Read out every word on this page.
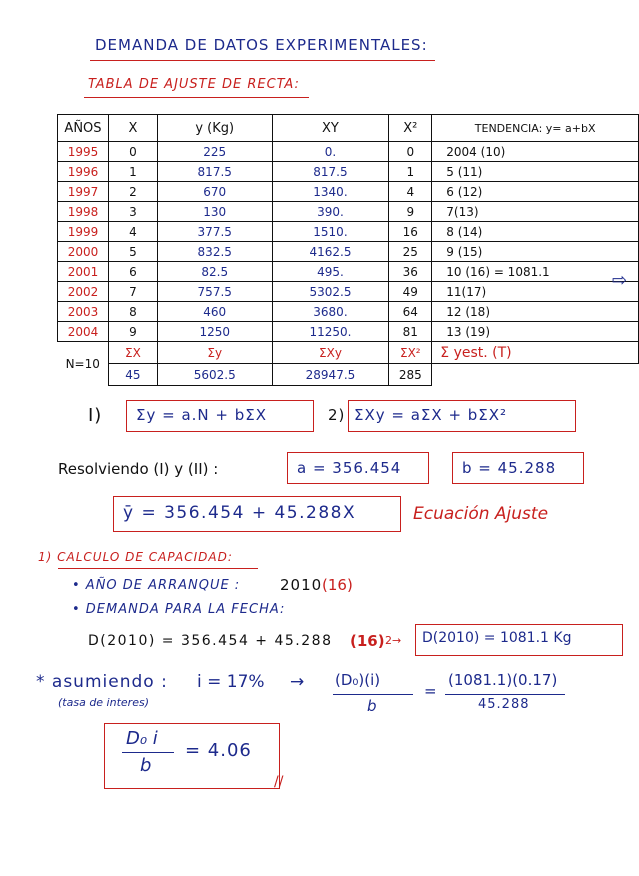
DEMANDA DE DATOS EXPERIMENTALES:
TABLA DE AJUSTE DE RECTA:
AÑOS	X	y (Kg)	XY	X²	TENDENCIA: y= a+bX
1995	0	225	0.	0	2004 (10)
1996	1	817.5	817.5	1	5 (11)
1997	2	670	1340.	4	6 (12)
1998	3	130	390.	9	7(13)
1999	4	377.5	1510.	16	8 (14)
2000	5	832.5	4162.5	25	9 (15)
2001	6	82.5	495.	36	10 (16) = 1081.1
2002	7	757.5	5302.5	49	11(17)
2003	8	460	3680.	64	12 (18)
2004	9	1250	11250.	81	13 (19)
N=10	ΣX	Σy	ΣXy	ΣX²	Σ yest. (T)
	45	5602.5	28947.5	285	
⇨
I) Σy = a.N + bΣX	2) ΣXy = aΣX + bΣX²
Resolviendo (I) y (II) :	a = 356.454	b = 45.288
ȳ = 356.454 + 45.288X	Ecuación Ajuste
1) CALCULO DE CAPACIDAD:
• AÑO DE ARRANQUE :	2010 (16)
• DEMANDA PARA LA FECHA:
D(2010) = 356.454 + 45.288 (16) 2→ D(2010) = 1081.1 Kg
* asumiendo : i = 17% →
(tasa de interes)
(D₀)(i)
b
=
(1081.1)(0.17)
45.288
D₀ i
b
= 4.06
//
